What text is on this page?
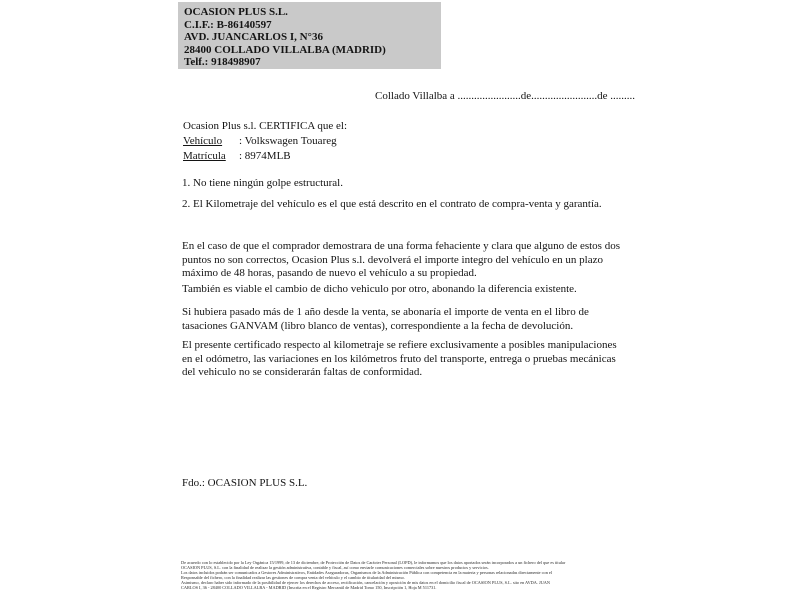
OCASION PLUS S.L.
C.I.F.: B-86140597
AVD. JUANCARLOS I, N°36
28400 COLLADO VILLALBA (MADRID)
Telf.: 918498907
Collado Villalba a .......................de........................de .........
Ocasion Plus s.l. CERTIFICA que el:
Vehículo : Volkswagen Touareg
Matrícula : 8974MLB
1. No tiene ningún golpe estructural.
2. El Kilometraje del vehículo es el que está descrito en el contrato de compra-venta y garantía.
En el caso de que el comprador demostrara de una forma fehaciente y clara que alguno de estos dos puntos no son correctos, Ocasion Plus s.l. devolverá el importe integro del vehículo en un plazo máximo de 48 horas, pasando de nuevo el vehículo a su propiedad.
También es viable el cambio de dicho vehiculo por otro, abonando la diferencia existente.
Si hubiera pasado más de 1 año desde la venta, se abonaría el importe de venta en el libro de tasaciones GANVAM (libro blanco de ventas), correspondiente a la fecha de devolución.
El presente certificado respecto al kilometraje se refiere exclusivamente a posibles manipulaciones en el odómetro, las variaciones en los kilómetros fruto del transporte, entrega o pruebas mecánicas del vehiculo no se considerarán faltas de conformidad.
Fdo.: OCASION PLUS S.L.
De acuerdo con lo establecido por la Ley Orgánica 15/1999, de 13 de diciembre, de Protección de Datos de Carácter Personal (LOPD), le informamos que los datos aportados serán incorporados a un fichero del que es titular
OCASION PLUS, S.L. con la finalidad de realizar la gestión administrativa, contable y fiscal, así como enviarle comunicaciones comerciales sobre nuestros productos y servicios.
Los datos incluidos podrán ser comunicados a Gestores Administrativos, Entidades Aseguradoras, Organismos de la Administración Pública con competencia en la materia y personas relacionadas directamente con el
Responsable del fichero, con la finalidad realizar las gestiones de compra venta del vehículo y el cambio de titularidad del mismo.
Asimismo, declaro haber sido informado de la posibilidad de ejercer los derechos de acceso, rectificación, cancelación y oposición de mis datos en el domicilio fiscal de OCASIÓN PLUS, S.L. sito en AVDA. JUAN
CARLOS I, 36 - 28400 COLLADO VILLALBA - MADRID (Inscrita en el Registro Mercantil de Madrid Tomo 150, Inscripción 1, Hoja M 511731.
